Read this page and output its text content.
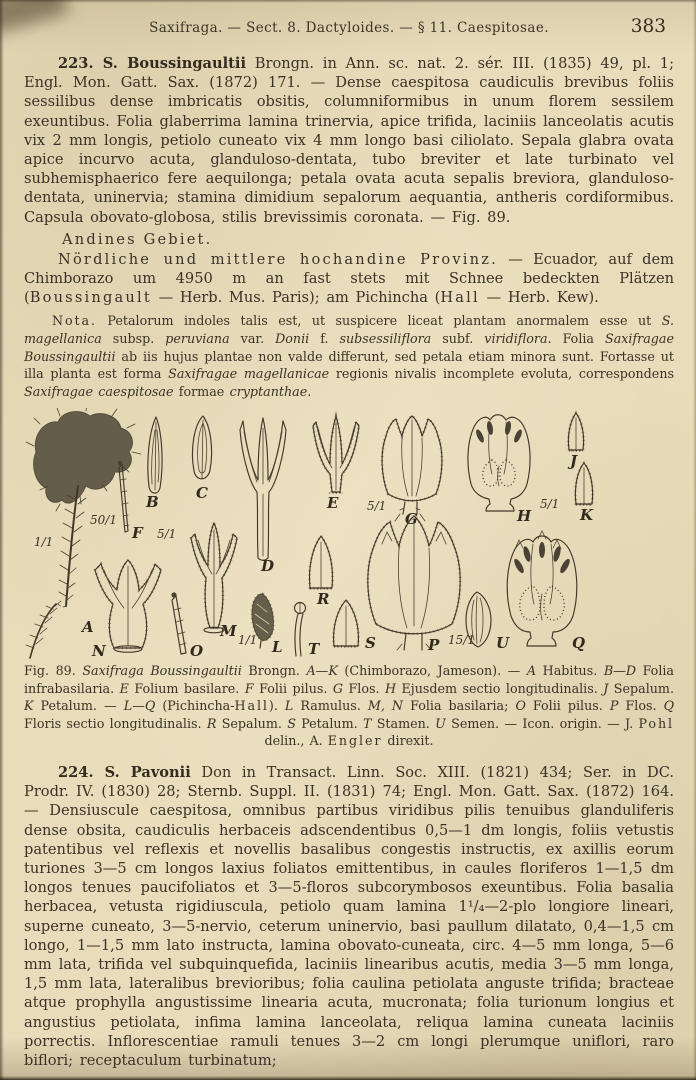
Saxifraga. — Sect. 8. Dactyloides. — § 11. Caespitosae.	383

223. S. Boussingaultii Brongn. in Ann. sc. nat. 2. sér. III. (1835) 49, pl. 1; Engl. Mon. Gatt. Sax. (1872) 171. — Dense caespitosa caudiculis brevibus foliis sessilibus dense imbricatis obsitis, columniformibus in unum florem sessilem exeuntibus. Folia glaberrima lamina trinervia, apice trifida, laciniis lanceolatis acutis vix 2 mm longis, petiolo cuneato vix 4 mm longo basi ciliolato. Sepala glabra ovata apice incurvo acuta, glanduloso-dentata, tubo breviter et late turbinato vel subhemisphaerico fere aequilonga; petala ovata acuta sepalis breviora, glanduloso-dentata, uninervia; stamina dimidium sepalorum aequantia, antheris cordiformibus. Capsula obovato-globosa, stilis brevissimis coronata. — Fig. 89.

Andines Gebiet.

Nördliche und mittlere hochandine Provinz. — Ecuador, auf dem Chimborazo um 4950 m an fast stets mit Schnee bedeckten Plätzen (Boussingault — Herb. Mus. Paris); am Pichincha (Hall — Herb. Kew).

Nota. Petalorum indoles talis est, ut suspicere liceat plantam anormalem esse ut S. magellanica subsp. peruviana var. Donii f. subsessiliflora subf. viridiflora. Folia Saxifragae Boussingaultii ab iis hujus plantae non valde differunt, sed petala etiam minora sunt. Fortasse ut illa planta est forma Saxifragae magellanicae regionis nivalis incomplete evoluta, correspondens Saxifragae caespitosae formae cryptanthae.

1/1
A
50/1
F
B C
D
E 5/1
G	H
5/1
J
K
N	O
5/1
M 1/1 L T
R
S	P 15/1 U	Q
Fig. 89. Saxifraga Boussingaultii Brongn. A—K (Chimborazo, Jameson). — A Habitus. B—D Folia infrabasilaria. E Folium basilare. F Folii pilus. G Flos. H Ejusdem sectio longitudinalis. J Sepalum. K Petalum. — L—Q (Pichincha-Hall). L Ramulus. M, N Folia basilaria; O Folii pilus. P Flos. Q Floris sectio longitudinalis. R Sepalum. S Petalum. T Stamen. U Semen. — Icon. origin. — J. Pohl delin., A. Engler direxit.

224. S. Pavonii Don in Transact. Linn. Soc. XIII. (1821) 434; Ser. in DC. Prodr. IV. (1830) 28; Sternb. Suppl. II. (1831) 74; Engl. Mon. Gatt. Sax. (1872) 164. — Densiuscule caespitosa, omnibus partibus viridibus pilis tenuibus glanduliferis dense obsita, caudiculis herbaceis adscendentibus 0,5—1 dm longis, foliis vetustis patentibus vel reflexis et novellis basalibus congestis instructis, ex axillis eorum turiones 3—5 cm longos laxius foliatos emittentibus, in caules floriferos 1—1,5 dm longos tenues paucifoliatos et 3—5-floros subcorymbosos exeuntibus. Folia basalia herbacea, vetusta rigidiuscula, petiolo quam lamina 1¹/₄—2-plo longiore lineari, superne cuneato, 3—5-nervio, ceterum uninervio, basi paullum dilatato, 0,4—1,5 cm longo, 1—1,5 mm lato instructa, lamina obovato-cuneata, circ. 4—5 mm longa, 5—6 mm lata, trifida vel subquinquefida, laciniis linearibus acutis, media 3—5 mm longa, 1,5 mm lata, lateralibus brevioribus; folia caulina petiolata anguste trifida; bracteae atque prophylla angustissime linearia acuta, mucronata; folia turionum longius et angustius petiolata, infima lamina lanceolata, reliqua lamina cuneata laciniis porrectis. Inflorescentiae ramuli tenues 3—2 cm longi plerumque uniflori, raro biflori; receptaculum turbinatum;
